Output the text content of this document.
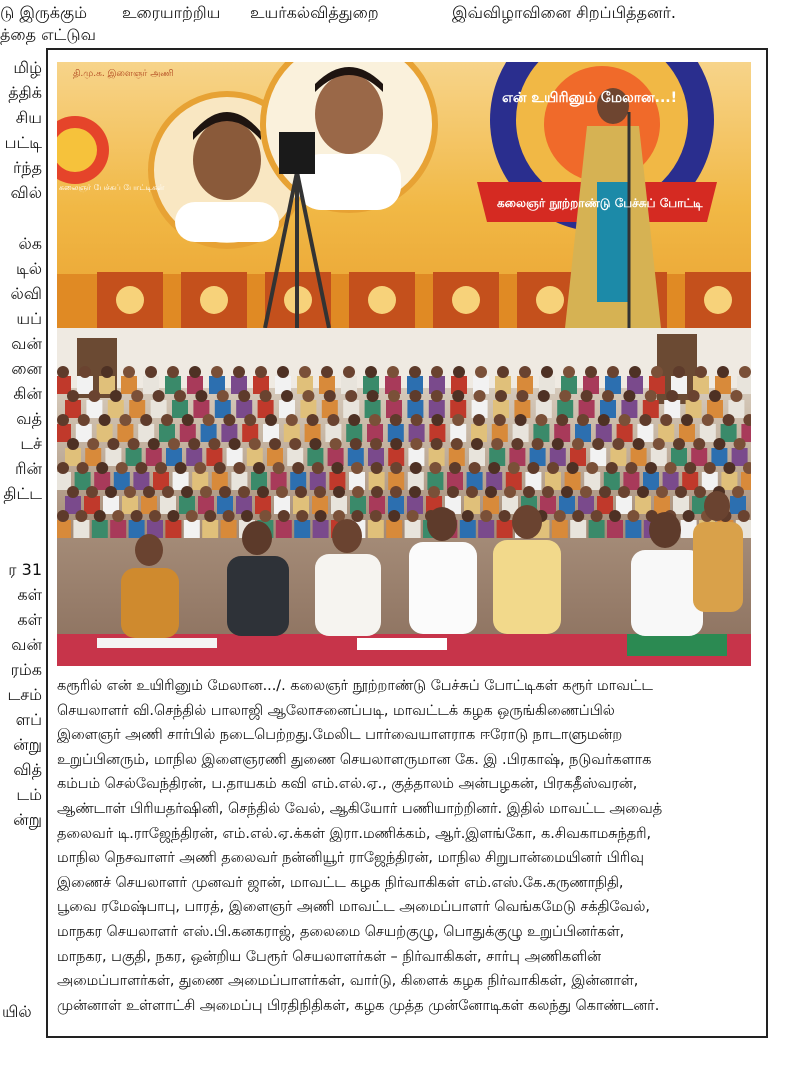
டு இருக்கும் உரையாற்றிய உயர்கல்வித்துறை	இவ்விழாவினை சிறப்பித்தனர்.
த்தை எட்டுவ
மிழ்
த்திக்
சிய
பட்டி
ர்ந்த
வில்
ல்க
டில்
ல்வி
யப்
வன்
னை
கின்
வத்
டச்
ரின்
திட்ட
ர 31
கள்
கள்
வன்
ரம்க
டசம்
ளப்
ன்று
வித்
டம்
ன்று
தி.மு.க. இளைஞர் அணி
என் உயிரினும் மேலான...!
கலைஞர் நூற்றாண்டு பேச்சுப் போட்டி
கலைஞர் பேச்சுப் போட்டிகள்

கரூரில் என் உயிரினும் மேலான.../. கலைஞர் நூற்றாண்டு பேச்சுப் போட்டிகள் கரூர் மாவட்ட

செயலாளர் வி.செந்தில் பாலாஜி ஆலோசனைப்படி, மாவட்டக் கழக ஒருங்கிணைப்பில்

இளைஞர் அணி சார்பில் நடைபெற்றது.மேலிட பார்வையாளராக ஈரோடு நாடாளுமன்ற

உறுப்பினரும், மாநில இளைஞரணி துணை செயலாளருமான கே. இ .பிரகாஷ், நடுவர்களாக

கம்பம் செல்வேந்திரன், ப.தாயகம் கவி எம்.எல்.ஏ., குத்தாலம் அன்பழகன், பிரகதீஸ்வரன்,

ஆண்டாள் பிரியதர்ஷினி, செந்தில் வேல், ஆகியோர் பணியாற்றினர். இதில் மாவட்ட அவைத்

தலைவர் டி.ராஜேந்திரன், எம்.எல்.ஏ.க்கள் இரா.மணிக்கம், ஆர்.இளங்கோ, க.சிவகாமசுந்தரி,

மாநில நெசவாளர் அணி தலைவர் நன்னியூர் ராஜேந்திரன், மாநில சிறுபான்மையினர் பிரிவு

இணைச் செயலாளர் முனவர் ஜான், மாவட்ட கழக நிர்வாகிகள் எம்.எஸ்.கே.கருணாநிதி,

பூவை ரமேஷ்பாபு, பாரத், இளைஞர் அணி மாவட்ட அமைப்பாளர் வெங்கமேடு சக்திவேல்,

மாநகர செயலாளர் எஸ்.பி.கனகராஜ், தலைமை செயற்குழு, பொதுக்குழு உறுப்பினர்கள்,

மாநகர, பகுதி, நகர, ஒன்றிய பேரூர் செயலாளர்கள் – நிர்வாகிகள், சார்பு அணிகளின்

அமைப்பாளர்கள், துணை அமைப்பாளர்கள், வார்டு, கிளைக் கழக நிர்வாகிகள், இன்னாள்,

முன்னாள் உள்ளாட்சி அமைப்பு பிரதிநிதிகள், கழக முத்த முன்னோடிகள் கலந்து கொண்டனர்.

யில்
